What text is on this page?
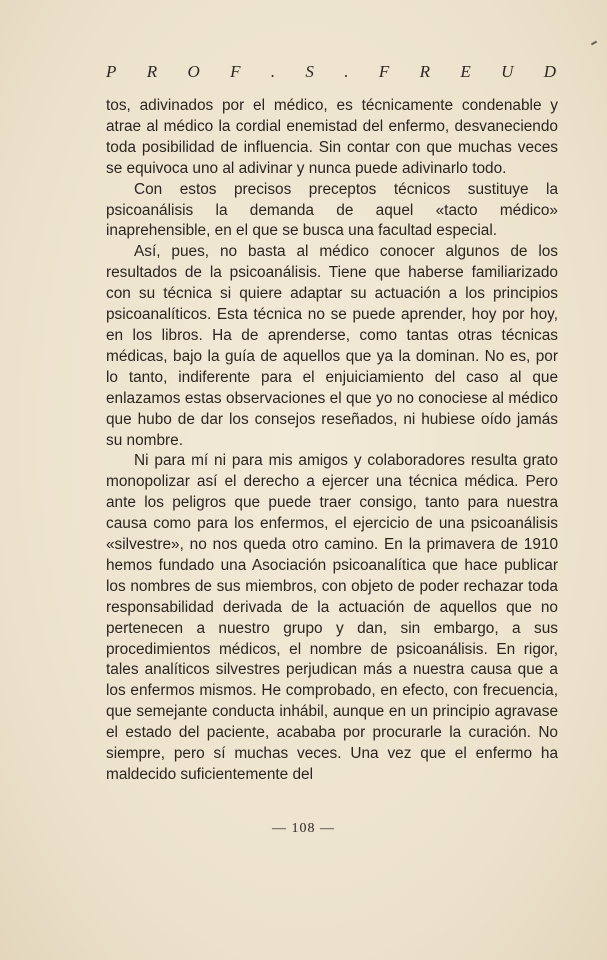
P R O F . S . F R E U D

tos, adivinados por el médico, es técnicamente condenable y atrae al médico la cordial enemistad del enfermo, desvaneciendo toda posibilidad de influencia. Sin contar con que muchas veces se equivoca uno al adivinar y nunca puede adivinarlo todo.

Con estos precisos preceptos técnicos sustituye la psicoanálisis la demanda de aquel «tacto médico» inaprehensible, en el que se busca una facultad especial.

Así, pues, no basta al médico conocer algunos de los resultados de la psicoanálisis. Tiene que haberse familiarizado con su técnica si quiere adaptar su actuación a los principios psicoanalíticos. Esta técnica no se puede aprender, hoy por hoy, en los libros. Ha de aprenderse, como tantas otras técnicas médicas, bajo la guía de aquellos que ya la dominan. No es, por lo tanto, indiferente para el enjuiciamiento del caso al que enlazamos estas observaciones el que yo no conociese al médico que hubo de dar los consejos reseñados, ni hubiese oído jamás su nombre.

Ni para mí ni para mis amigos y colaboradores resulta grato monopolizar así el derecho a ejercer una técnica médica. Pero ante los peligros que puede traer consigo, tanto para nuestra causa como para los enfermos, el ejercicio de una psicoanálisis «silvestre», no nos queda otro camino. En la primavera de 1910 hemos fundado una Asociación psicoanalítica que hace publicar los nombres de sus miembros, con objeto de poder rechazar toda responsabilidad derivada de la actuación de aquellos que no pertenecen a nuestro grupo y dan, sin embargo, a sus procedimientos médicos, el nombre de psicoanálisis. En rigor, tales analíticos silvestres perjudican más a nuestra causa que a los enfermos mismos. He comprobado, en efecto, con frecuencia, que semejante conducta inhábil, aunque en un principio agravase el estado del paciente, acababa por procurarle la curación. No siempre, pero sí muchas veces. Una vez que el enfermo ha maldecido suficientemente del

— 108 —
